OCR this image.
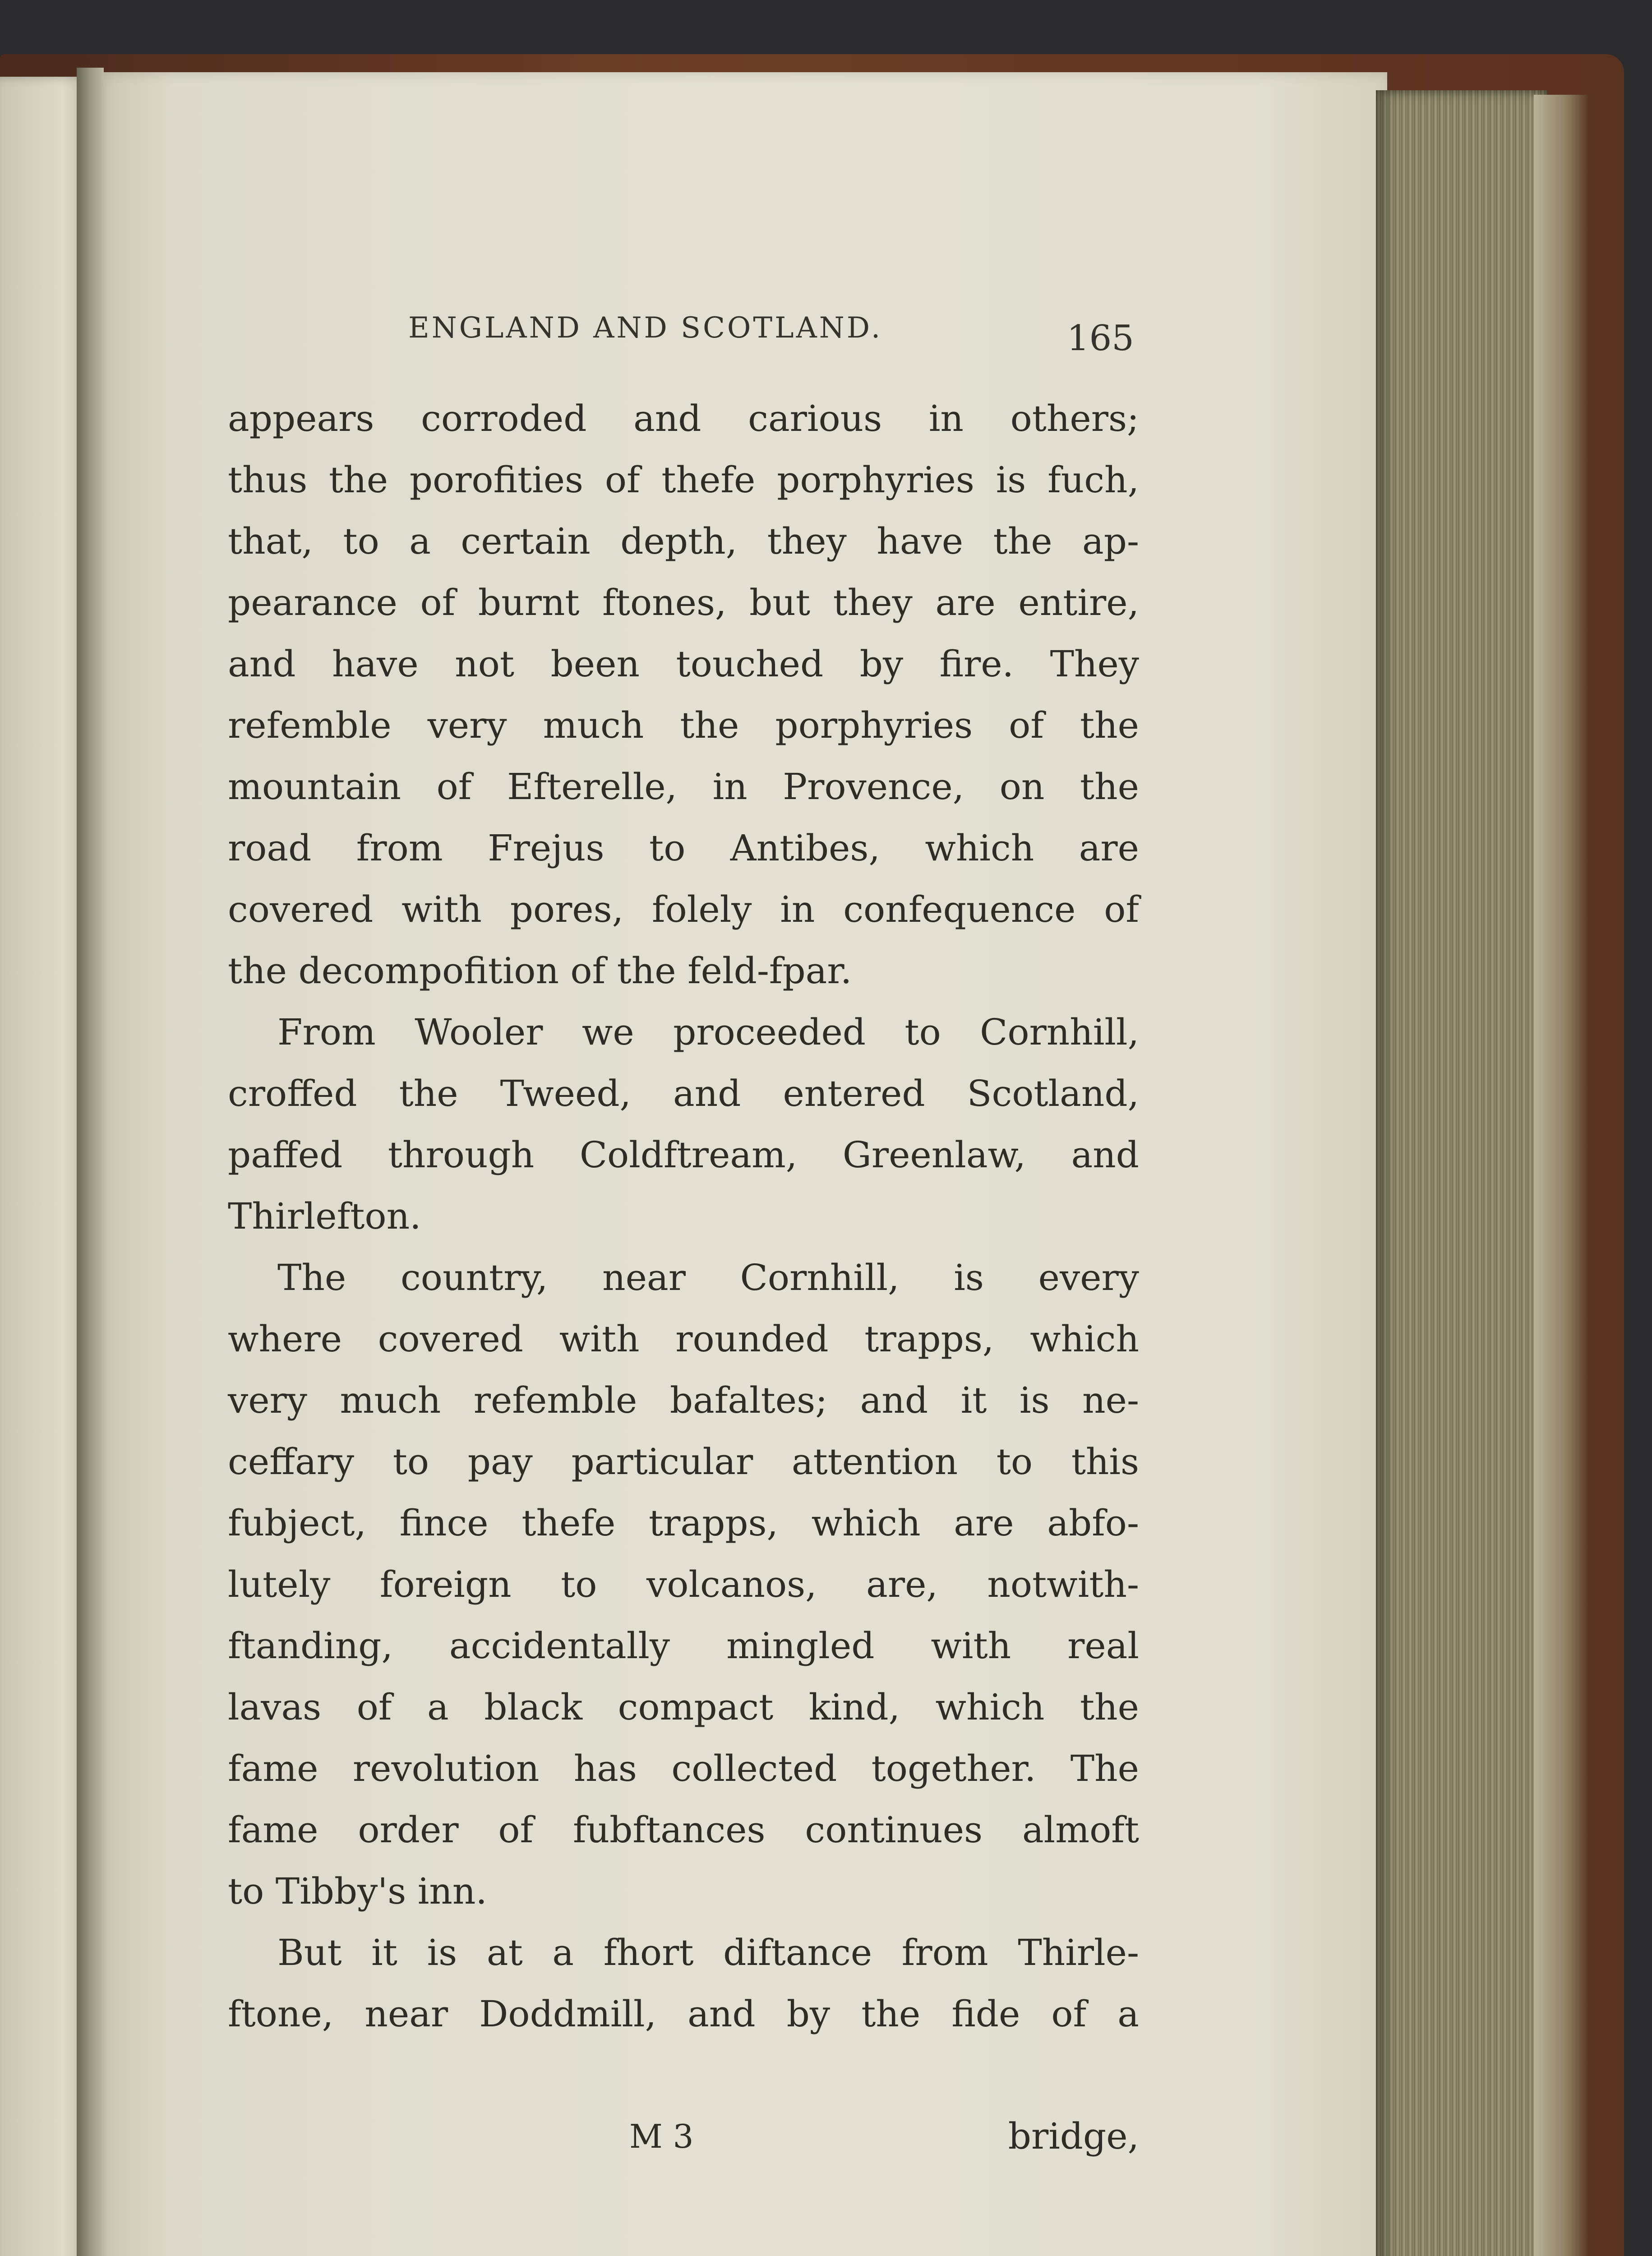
ENGLAND AND SCOTLAND.	165
appears corroded and carious in others;
thus the porofities of thefe porphyries is fuch,
that, to a certain depth, they have the ap-
pearance of burnt ftones, but they are entire,
and have not been touched by fire. They
refemble very much the porphyries of the
mountain of Efterelle, in Provence, on the
road from Frejus to Antibes, which are
covered with pores, folely in confequence of
the decompofition of the feld-fpar.
From Wooler we proceeded to Cornhill,
croffed the Tweed, and entered Scotland,
paffed through Coldftream, Greenlaw, and
Thirlefton.
The country, near Cornhill, is every
where covered with rounded trapps, which
very much refemble bafaltes; and it is ne-
ceffary to pay particular attention to this
fubject, fince thefe trapps, which are abfo-
lutely foreign to volcanos, are, notwith-
ftanding, accidentally mingled with real
lavas of a black compact kind, which the
fame revolution has collected together. The
fame order of fubftances continues almoft
to Tibby's inn.
But it is at a fhort diftance from Thirle-
ftone, near Doddmill, and by the fide of a
M 3	bridge,
